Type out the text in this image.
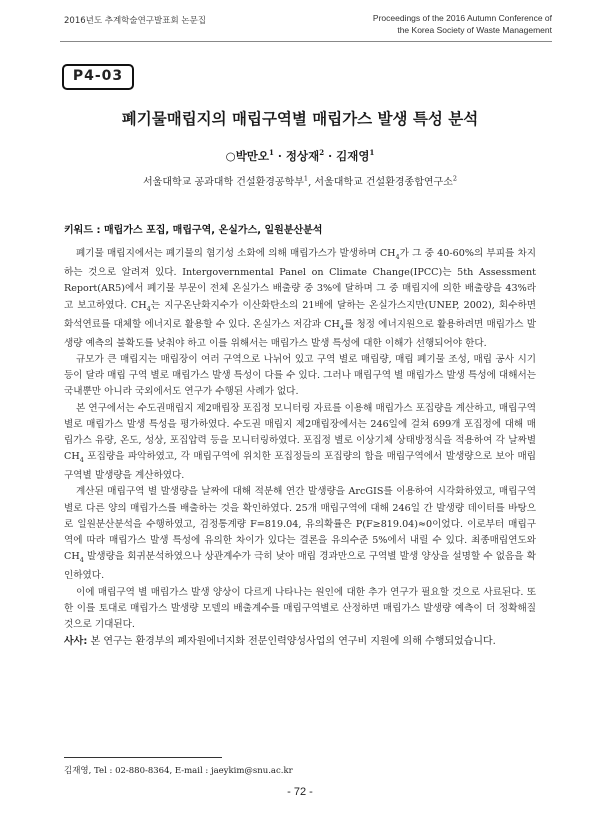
2016년도 추계학술연구발표회 논문집	Proceedings of the 2016 Autumn Conference of
the Korea Society of Waste Management
P4-03
폐기물매립지의 매립구역별 매립가스 발생 특성 분석
○박만오$^1$ · 정상재$^2$ · 김재영$^1$
서울대학교 공과대학 건설환경공학부$^1$, 서울대학교 건설환경종합연구소$^2$
키워드 : 매립가스 포집, 매립구역, 온실가스, 일원분산분석

폐기물 매립지에서는 폐기물의 혐기성 소화에 의해 매립가스가 발생하며 $CH_4$가 그 중 40-60%의 부피를 차지하는 것으로 알려져 있다. Intergovernmental Panel on Climate Change(IPCC)는 5th Assessment Report(AR5)에서 폐기물 부문이 전체 온실가스 배출량 중 3%에 달하며 그 중 매립지에 의한 배출량을 43%라고 보고하였다. $CH_4$는 지구온난화지수가 이산화탄소의 21배에 달하는 온실가스지만(UNEP, 2002), 회수하면 화석연료를 대체할 에너지로 활용할 수 있다. 온실가스 저감과 $CH_4$를 청정 에너지원으로 활용하려면 매립가스 발생량 예측의 불확도를 낮춰야 하고 이를 위해서는 매립가스 발생 특성에 대한 이해가 선행되어야 한다.

규모가 큰 매립지는 매립장이 여러 구역으로 나뉘어 있고 구역 별로 매립량, 매립 폐기물 조성, 매립 공사 시기 등이 달라 매립 구역 별로 매립가스 발생 특성이 다를 수 있다. 그러나 매립구역 별 매립가스 발생 특성에 대해서는 국내뿐만 아니라 국외에서도 연구가 수행된 사례가 없다.

본 연구에서는 수도권매립지 제2매립장 포집정 모니터링 자료를 이용해 매립가스 포집량을 계산하고, 매립구역 별로 매립가스 발생 특성을 평가하였다. 수도권 매립지 제2매립장에서는 246일에 걸쳐 699개 포집정에 대해 매립가스 유량, 온도, 성상, 포집압력 등을 모니터링하였다. 포집정 별로 이상기체 상태방정식을 적용하여 각 날짜별 $CH_4$ 포집량을 파악하였고, 각 매립구역에 위치한 포집정들의 포집량의 합을 매립구역에서 발생량으로 보아 매립구역별 발생량을 계산하였다.

계산된 매립구역 별 발생량을 날짜에 대해 적분해 연간 발생량을 ArcGIS를 이용하여 시각화하였고, 매립구역 별로 다른 양의 매립가스를 배출하는 것을 확인하였다. 25개 매립구역에 대해 246일 간 발생량 데이터를 바탕으로 일원분산분석을 수행하였고, 검정통계량 F=819.04, 유의확률은 P(F≥819.04)≈0이었다. 이로부터 매립구역에 따라 매립가스 발생 특성에 유의한 차이가 있다는 결론을 유의수준 5%에서 내릴 수 있다. 최종매립연도와 $CH_4$ 발생량을 회귀분석하였으나 상관계수가 극히 낮아 매립 경과만으로 구역별 발생 양상을 설명할 수 없음을 확인하였다.

이에 매립구역 별 매립가스 발생 양상이 다르게 나타나는 원인에 대한 추가 연구가 필요할 것으로 사료된다. 또한 이를 토대로 매립가스 발생량 모델의 배출계수를 매립구역별로 산정하면 매립가스 발생량 예측이 더 정확해질 것으로 기대된다.

사사: 본 연구는 환경부의 폐자원에너지화 전문인력양성사업의 연구비 지원에 의해 수행되었습니다.
김재영, Tel : 02-880-8364, E-mail : jaeykim@snu.ac.kr
- 72 -
